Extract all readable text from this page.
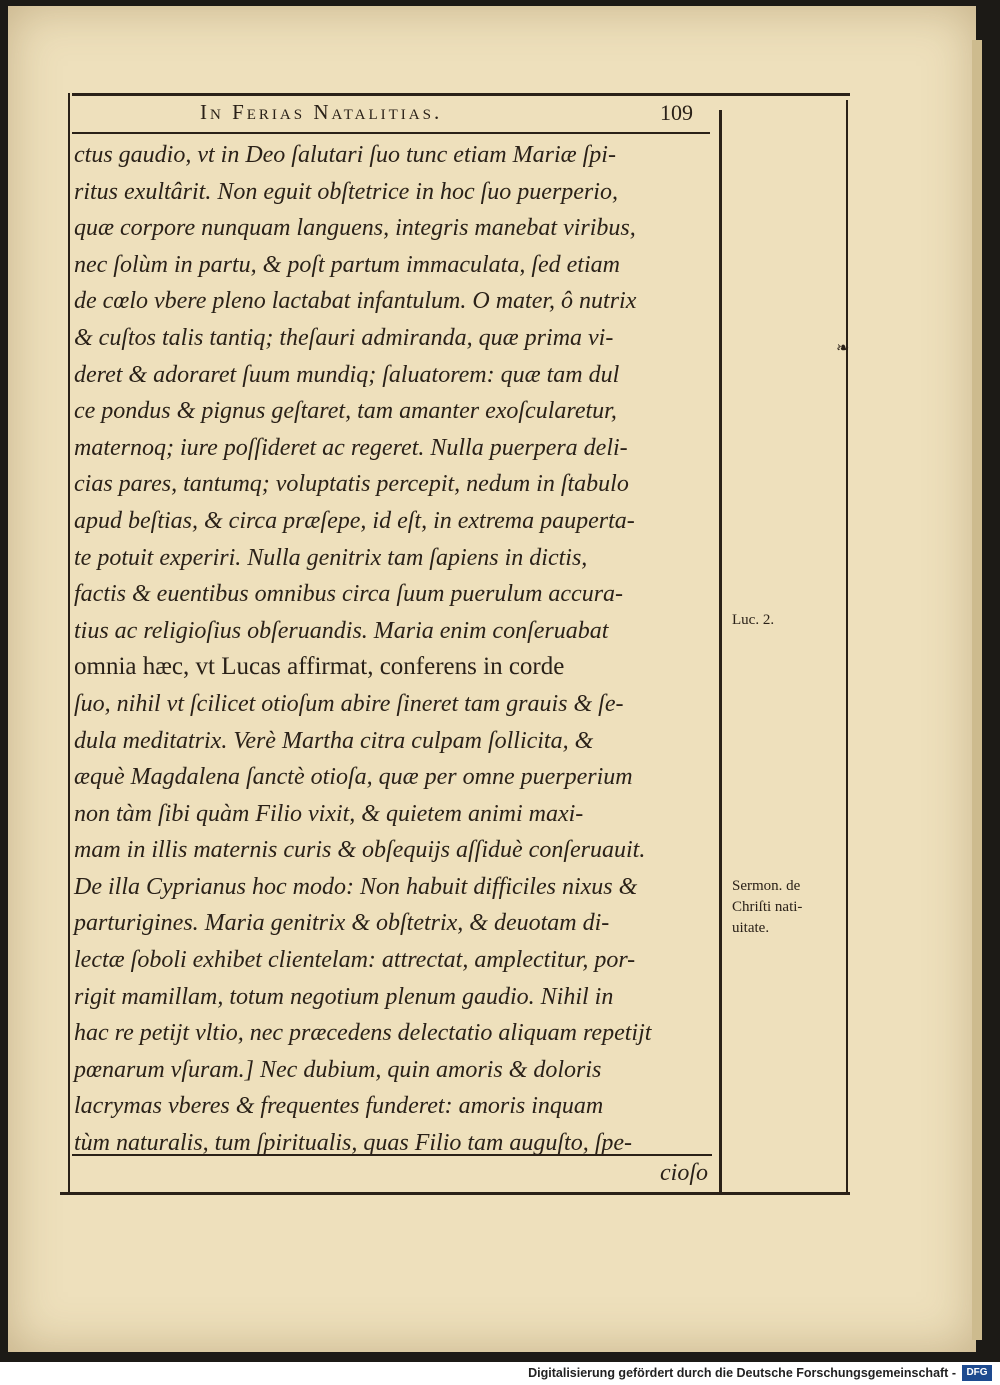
In Ferias Natalitias.	109
ctus gaudio, vt in Deo ſalutari ſuo tunc etiam Mariæ ſpi-
ritus exultârit. Non eguit obſtetrice in hoc ſuo puerperio,
quæ corpore nunquam languens, integris manebat viribus,
nec ſolùm in partu, & poſt partum immaculata, ſed etiam
de cœlo vbere pleno lactabat infantulum. O mater, ô nutrix
& cuſtos talis tantiq; theſauri admiranda, quæ prima vi-
deret & adoraret ſuum mundiq; ſaluatorem: quæ tam dul
ce pondus & pignus geſtaret, tam amanter exoſcularetur,
maternoq; iure poſſideret ac regeret. Nulla puerpera deli-
cias pares, tantumq; voluptatis percepit, nedum in ſtabulo
apud beſtias, & circa præſepe, id eſt, in extrema pauperta-
te potuit experiri. Nulla genitrix tam ſapiens in dictis,
factis & euentibus omnibus circa ſuum puerulum accura-
tius ac religioſius obſeruandis. Maria enim conſeruabat
omnia hæc, vt Lucas affirmat, conferens in corde
ſuo, nihil vt ſcilicet otioſum abire ſineret tam grauis & ſe-
dula meditatrix. Verè Martha citra culpam ſollicita, &
æquè Magdalena ſanctè otioſa, quæ per omne puerperium
non tàm ſibi quàm Filio vixit, & quietem animi maxi-
mam in illis maternis curis & obſequijs aſſiduè conſeruauit.
De illa Cyprianus hoc modo: Non habuit difficiles nixus &
parturigines. Maria genitrix & obſtetrix, & deuotam di-
lectæ ſoboli exhibet clientelam: attrectat, amplectitur, por-
rigit mamillam, totum negotium plenum gaudio. Nihil in
hac re petijt vltio, nec præcedens delectatio aliquam repetijt
pœnarum vſuram.] Nec dubium, quin amoris & doloris
lacrymas vberes & frequentes funderet: amoris inquam
tùm naturalis, tum ſpiritualis, quas Filio tam auguſto, ſpe-
cioſo
❧
Luc. 2.
Sermon. de
Chriſti nati-
uitate.
Digitalisierung gefördert durch die Deutsche Forschungsgemeinschaft -	DFG
